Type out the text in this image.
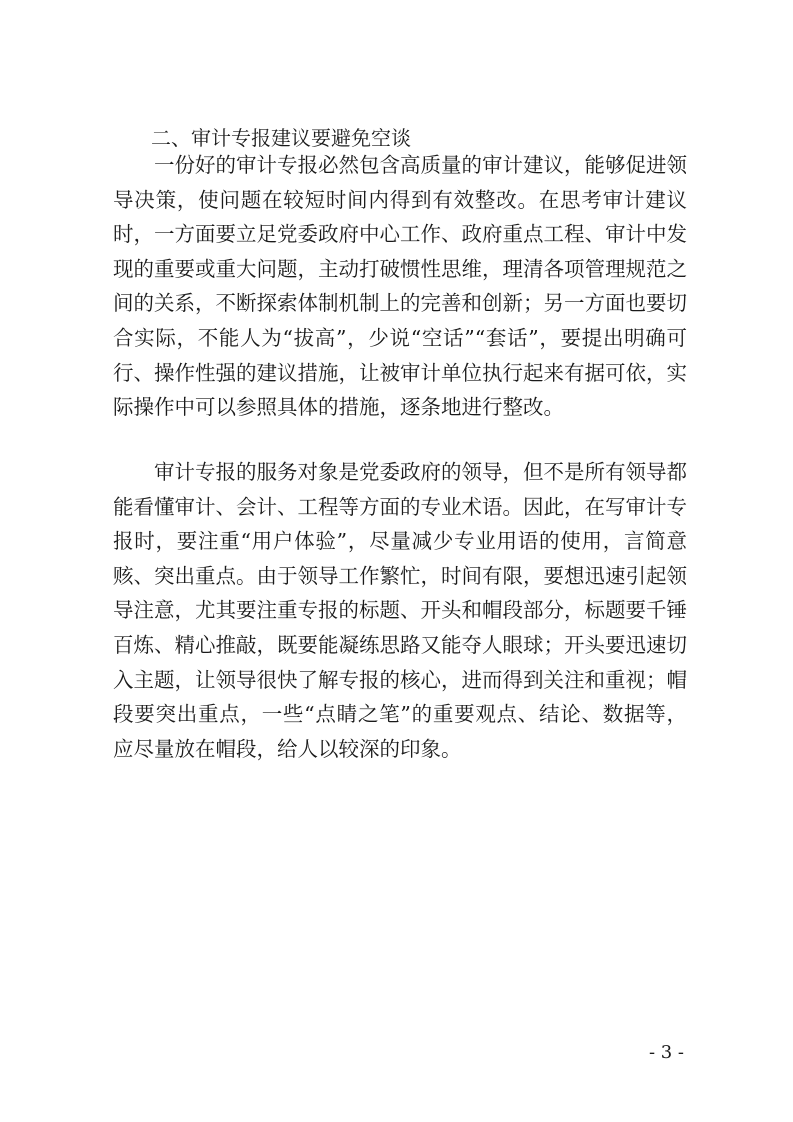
二、审计专报建议要避免空谈

一份好的审计专报必然包含高质量的审计建议，能够促进领导决策，使问题在较短时间内得到有效整改。在思考审计建议时，一方面要立足党委政府中心工作、政府重点工程、审计中发现的重要或重大问题，主动打破惯性思维，理清各项管理规范之间的关系，不断探索体制机制上的完善和创新；另一方面也要切合实际，不能人为“拔高”，少说“空话”“套话”，要提出明确可行、操作性强的建议措施，让被审计单位执行起来有据可依，实际操作中可以参照具体的措施，逐条地进行整改。

审计专报的服务对象是党委政府的领导，但不是所有领导都能看懂审计、会计、工程等方面的专业术语。因此，在写审计专报时，要注重“用户体验”，尽量减少专业用语的使用，言简意赅、突出重点。由于领导工作繁忙，时间有限，要想迅速引起领导注意，尤其要注重专报的标题、开头和帽段部分，标题要千锤百炼、精心推敲，既要能凝练思路又能夺人眼球；开头要迅速切入主题，让领导很快了解专报的核心，进而得到关注和重视；帽段要突出重点，一些“点睛之笔”的重要观点、结论、数据等，应尽量放在帽段，给人以较深的印象。

- 3 -
